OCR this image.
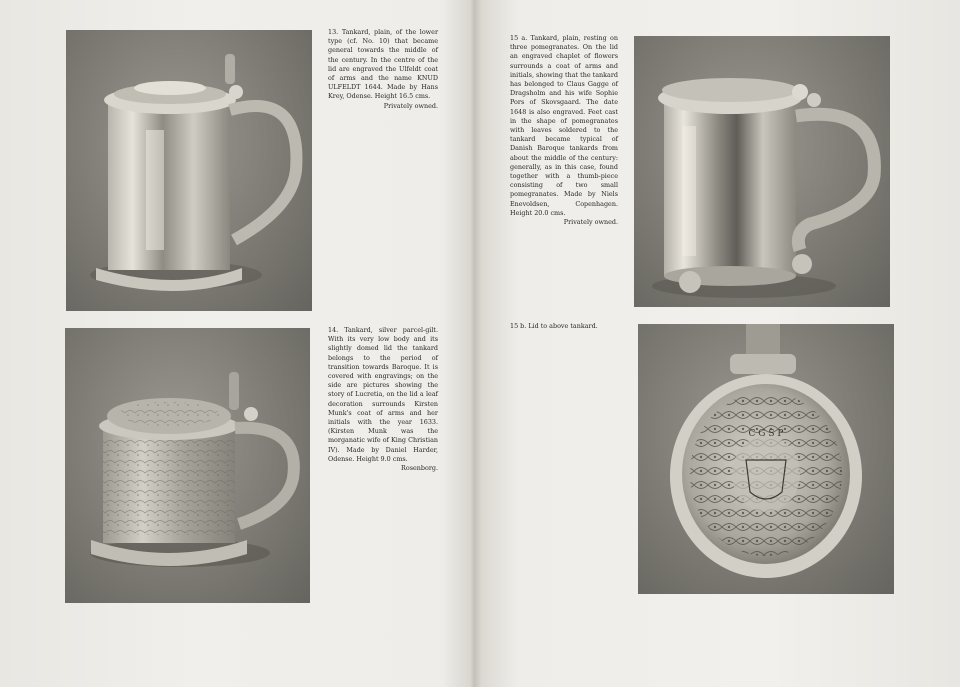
13. Tankard, plain, of the lower type (cf. No. 10) that became general towards the middle of the century. In the centre of the lid are engraved the Ulfeldt coat of arms and the name KNUD ULFELDT 1644. Made by Hans Krey, Odense. Height 16.5 cms.
Privately owned.
14. Tankard, silver parcel-gilt. With its very low body and its slightly domed lid the tankard belongs to the period of transition towards Baroque. It is covered with engravings; on the side are pictures showing the story of Lucretia, on the lid a leaf decoration surrounds Kirsten Munk's coat of arms and her initials with the year 1633. (Kirsten Munk was the morganatic wife of King Christian IV). Made by Daniel Harder, Odense. Height 9.0 cms.
Rosenborg.
15 a. Tankard, plain, resting on three pomegranates. On the lid an engraved chaplet of flowers surrounds a coat of arms and initials, showing that the tankard has belonged to Claus Gagge of Dragsholm and his wife Sophie Pors of Skovsgaard. The date 1648 is also engraved. Feet cast in the shape of pomegranates with leaves soldered to the tankard became typical of Danish Baroque tankards from about the middle of the century: generally, as in this case, found together with a thumb-piece consisting of two small pomegranates. Made by Niels Enevoldsen, Copenhagen. Height 20.0 cms.
Privately owned.
15 b. Lid to above tankard.
C G S P
